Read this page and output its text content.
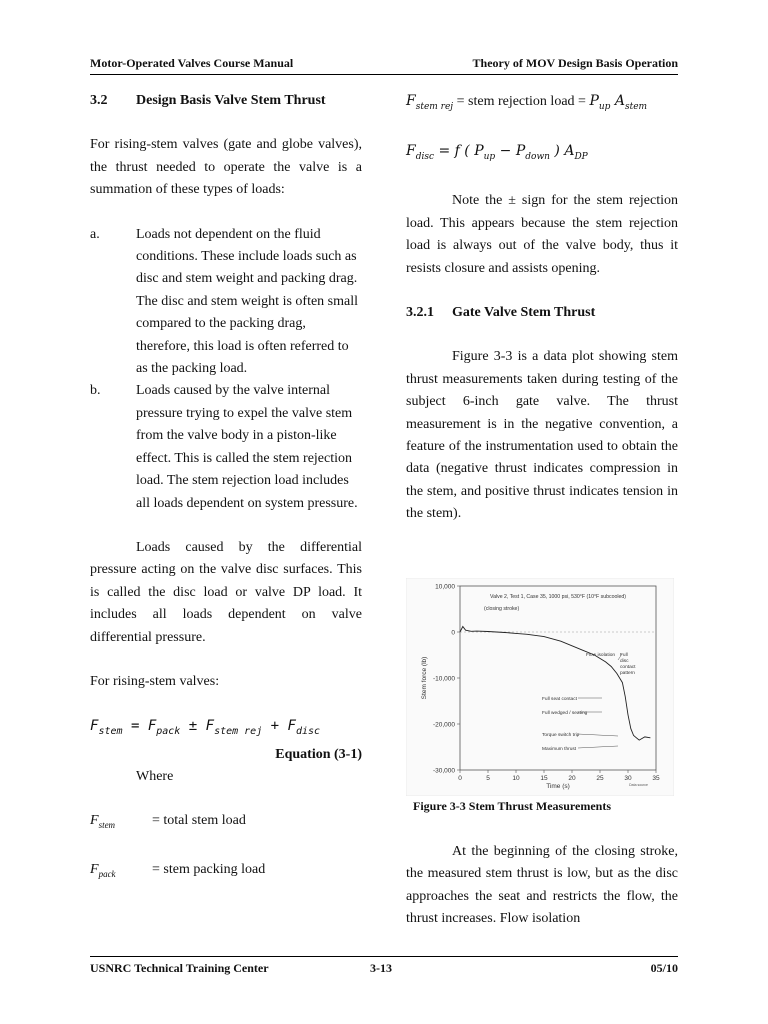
Motor-Operated Valves Course Manual	Theory of MOV Design Basis Operation

3.2 Design Basis Valve Stem Thrust

For rising-stem valves (gate and globe valves), the thrust needed to operate the valve is a summation of these types of loads:

a.	Loads not dependent on the fluid conditions. These include loads such as disc and stem weight and packing drag. The disc and stem weight is often small compared to the packing drag, therefore, this load is often referred to as the packing load.
b.	Loads caused by the valve internal pressure trying to expel the valve stem from the valve body in a piston-like effect. This is called the stem rejection load. The stem rejection load includes all loads dependent on system pressure.

Loads caused by the differential pressure acting on the valve disc surfaces. This is called the disc load or valve DP load. It includes all loads dependent on valve differential pressure.

For rising-stem valves:

$F_{stem} = F_{pack} \pm F_{stem rej} + F_{disc}$

Equation (3-1)

Where

$F_{stem}$	= total stem load
$F_{pack}$	= stem packing load

$F_{stem rej}$ = stem rejection load = $P_{up}$ $A_{stem}$

$F_{disc} = f$ ( $P_{up} - P_{down}$ ) $A_{DP}$

Note the ± sign for the stem rejection load. This appears because the stem rejection load is always out of the valve body, thus it resists closure and assists opening.

3.2.1 Gate Valve Stem Thrust

Figure 3-3 is a data plot showing stem thrust measurements taken during testing of the subject 6-inch gate valve. The thrust measurement is in the negative convention, a feature of the instrumentation used to obtain the data (negative thrust indicates compression in the stem, and positive thrust indicates tension in the stem).

10,000
0
-10,000
-20,000
-30,000
0	5	10	15	20	25	30	35
Time (s)
Stem force (lb)
Valve 2, Test 1, Case 35, 1000 psi, 530°F (10°F subcooled)
(closing stroke)
Flow isolation Full
disc
contact
pattern
Full seat contact
Full wedged / seating
Torque switch trip
Maximum thrust
Data source
Figure 3-3 Stem Thrust Measurements

At the beginning of the closing stroke, the measured stem thrust is low, but as the disc approaches the seat and restricts the flow, the thrust increases. Flow isolation

USNRC Technical Training Center	3-13	05/10
